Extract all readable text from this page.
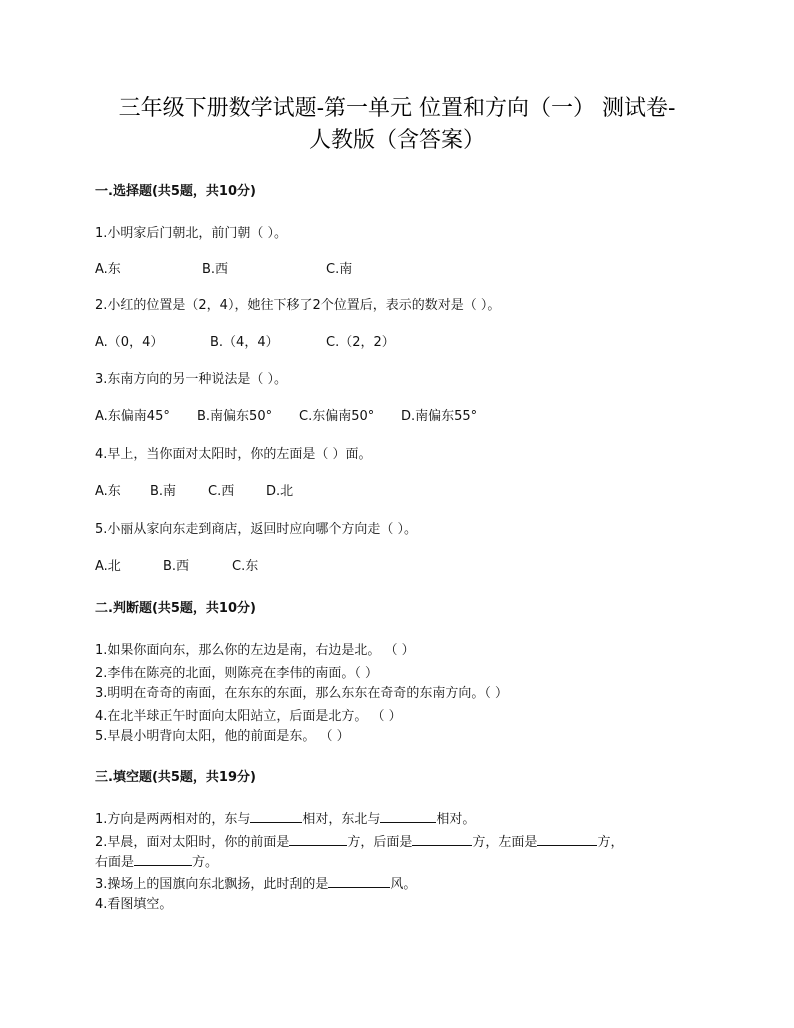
三年级下册数学试题-第一单元 位置和方向（一） 测试卷-
人教版（含答案）
一.选择题(共5题，共10分)
1.小明家后门朝北，前门朝（ ）。
A.东	B.西	C.南
2.小红的位置是（2，4），她往下移了2个位置后，表示的数对是（ ）。
A.（0，4）	B.（4，4）	C.（2，2）
3.东南方向的另一种说法是（ ）。
A.东偏南45° B.南偏东50° C.东偏南50° D.南偏东55°
4.早上，当你面对太阳时，你的左面是（ ）面。
A.东 B.南 C.西 D.北
5.小丽从家向东走到商店，返回时应向哪个方向走（ ）。
A.北	B.西	C.东
二.判断题(共5题，共10分)
1.如果你面向东，那么你的左边是南，右边是北。 （ ）
2.李伟在陈亮的北面，则陈亮在李伟的南面。（ ）
3.明明在奇奇的南面，在东东的东面，那么东东在奇奇的东南方向。（ ）
4.在北半球正午时面向太阳站立，后面是北方。 （ ）
5.早晨小明背向太阳，他的前面是东。 （ ）
三.填空题(共5题，共19分)
1.方向是两两相对的，东与	相对，东北与	相对。
2.早晨，面对太阳时，你的前面是	方，后面是	方，左面是	方，
右面是	方。
3.操场上的国旗向东北飘扬，此时刮的是	风。
4.看图填空。
